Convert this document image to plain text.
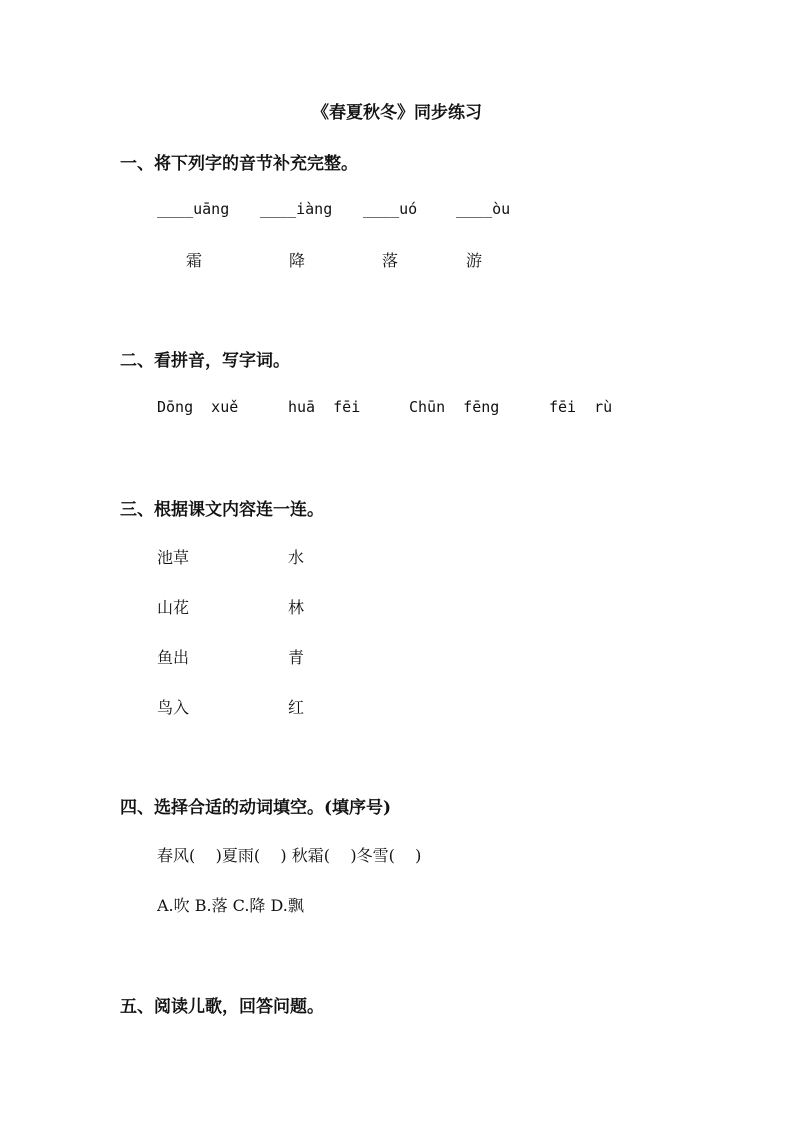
《春夏秋冬》同步练习
一、将下列字的音节补充完整。
____uāng ____iàng ____uó	____òu
霜	降	落	游
二、看拼音，写字词。
Dōng  xuě	huā  fēi	Chūn  fēng	fēi  rù
三、根据课文内容连一连。
池草	水
山花	林
鱼出	青
鸟入	红
四、选择合适的动词填空。(填序号)
春风(    )夏雨(    ) 秋霜(    )冬雪(    )
A.吹 B.落 C.降 D.飘
五、阅读儿歌，回答问题。
